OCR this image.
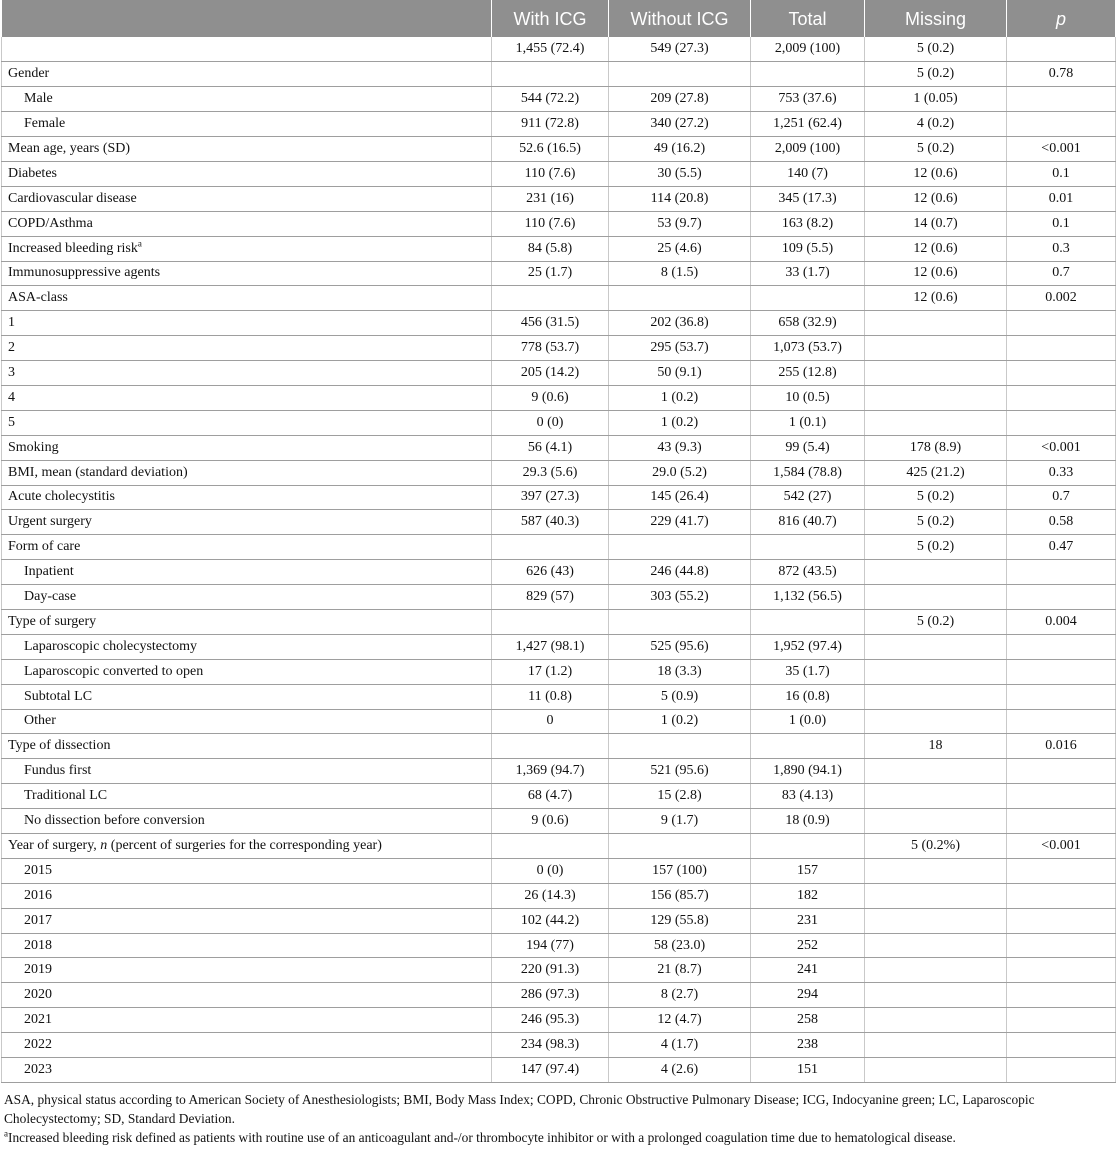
	With ICG	Without ICG	Total	Missing	p
	1,455 (72.4)	549 (27.3)	2,009 (100)	5 (0.2)	
Gender				5 (0.2)	0.78
Male	544 (72.2)	209 (27.8)	753 (37.6)	1 (0.05)	
Female	911 (72.8)	340 (27.2)	1,251 (62.4)	4 (0.2)	
Mean age, years (SD)	52.6 (16.5)	49 (16.2)	2,009 (100)	5 (0.2)	<0.001
Diabetes	110 (7.6)	30 (5.5)	140 (7)	12 (0.6)	0.1
Cardiovascular disease	231 (16)	114 (20.8)	345 (17.3)	12 (0.6)	0.01
COPD/Asthma	110 (7.6)	53 (9.7)	163 (8.2)	14 (0.7)	0.1
Increased bleeding risk$^a$	84 (5.8)	25 (4.6)	109 (5.5)	12 (0.6)	0.3
Immunosuppressive agents	25 (1.7)	8 (1.5)	33 (1.7)	12 (0.6)	0.7
ASA-class				12 (0.6)	0.002
1	456 (31.5)	202 (36.8)	658 (32.9)		
2	778 (53.7)	295 (53.7)	1,073 (53.7)		
3	205 (14.2)	50 (9.1)	255 (12.8)		
4	9 (0.6)	1 (0.2)	10 (0.5)		
5	0 (0)	1 (0.2)	1 (0.1)		
Smoking	56 (4.1)	43 (9.3)	99 (5.4)	178 (8.9)	<0.001
BMI, mean (standard deviation)	29.3 (5.6)	29.0 (5.2)	1,584 (78.8)	425 (21.2)	0.33
Acute cholecystitis	397 (27.3)	145 (26.4)	542 (27)	5 (0.2)	0.7
Urgent surgery	587 (40.3)	229 (41.7)	816 (40.7)	5 (0.2)	0.58
Form of care				5 (0.2)	0.47
Inpatient	626 (43)	246 (44.8)	872 (43.5)		
Day-case	829 (57)	303 (55.2)	1,132 (56.5)		
Type of surgery				5 (0.2)	0.004
Laparoscopic cholecystectomy	1,427 (98.1)	525 (95.6)	1,952 (97.4)		
Laparoscopic converted to open	17 (1.2)	18 (3.3)	35 (1.7)		
Subtotal LC	11 (0.8)	5 (0.9)	16 (0.8)		
Other	0	1 (0.2)	1 (0.0)		
Type of dissection				18	0.016
Fundus first	1,369 (94.7)	521 (95.6)	1,890 (94.1)		
Traditional LC	68 (4.7)	15 (2.8)	83 (4.13)		
No dissection before conversion	9 (0.6)	9 (1.7)	18 (0.9)		
Year of surgery, n (percent of surgeries for the corresponding year)				5 (0.2%)	<0.001
2015	0 (0)	157 (100)	157		
2016	26 (14.3)	156 (85.7)	182		
2017	102 (44.2)	129 (55.8)	231		
2018	194 (77)	58 (23.0)	252		
2019	220 (91.3)	21 (8.7)	241		
2020	286 (97.3)	8 (2.7)	294		
2021	246 (95.3)	12 (4.7)	258		
2022	234 (98.3)	4 (1.7)	238		
2023	147 (97.4)	4 (2.6)	151		

ASA, physical status according to American Society of Anesthesiologists; BMI, Body Mass Index; COPD, Chronic Obstructive Pulmonary Disease; ICG, Indocyanine green; LC, Laparoscopic Cholecystectomy; SD, Standard Deviation.

$^a$Increased bleeding risk defined as patients with routine use of an anticoagulant and-/or thrombocyte inhibitor or with a prolonged coagulation time due to hematological disease.
